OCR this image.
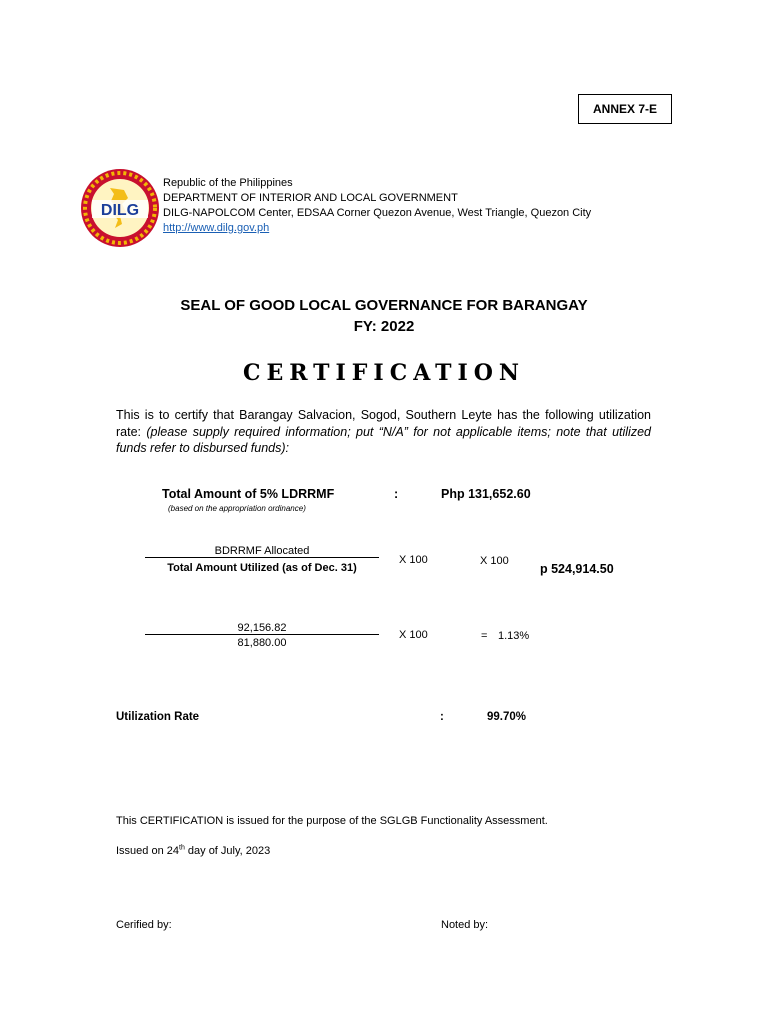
ANNEX 7-E
DILG
Republic of the Philippines
DEPARTMENT OF INTERIOR AND LOCAL GOVERNMENT
DILG-NAPOLCOM Center, EDSAA Corner Quezon Avenue, West Triangle, Quezon City
http://www.dilg.gov.ph
SEAL OF GOOD LOCAL GOVERNANCE FOR BARANGAY
FY: 2022
CERTIFICATION
This is to certify that Barangay Salvacion, Sogod, Southern Leyte has the following utilization rate: (please supply required information; put “N/A” for not applicable items; note that utilized funds refer to disbursed funds):
Total Amount of 5% LDRRMF	:	Php 131,652.60
(based on the appropriation ordinance)
BDRRMF Allocated
Total Amount Utilized (as of Dec. 31)
X 100	X 100
p 524,914.50
92,156.82
81,880.00
X 100	= 1.13%
Utilization Rate	:	99.70%
This CERTIFICATION is issued for the purpose of the SGLGB Functionality Assessment.
Issued on 24th day of July, 2023
Cerified by:	Noted by:
